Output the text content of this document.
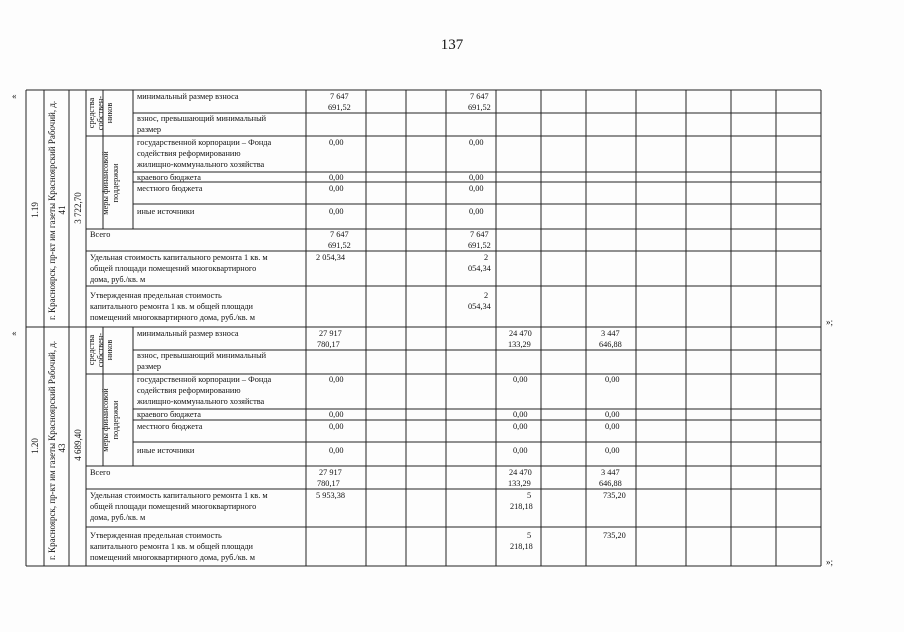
137
«
«
»;
»;
1.19 г. Красноярск, пр-кт им газеты Красноярский Рабочий, д. 41 3 722,70
средства собствен- ников
меры финансовой поддержки
минимальный размер взноса
взнос, превышающий минимальный
размер
государственной корпорации – Фонда
содействия реформированию
жилищно-коммунального хозяйства
краевого бюджета
местного бюджета
иные источники
Всего
Удельная стоимость капитального ремонта 1 кв. м
общей площади помещений многоквартирного
дома, руб./кв. м
Утвержденная предельная стоимость
капитального ремонта 1 кв. м общей площади
помещений многоквартирного дома, руб./кв. м
7 647
691,52
0,00
0,00
0,00
0,00
7 647
691,52
2 054,34
7 647
691,52
0,00
0,00
0,00
0,00
7 647
691,52
2
054,34
2
054,34
1.20 г. Красноярск, пр-кт им газеты Красноярский Рабочий, д. 43 4 689,40
средства собствен- ников
меры финансовой поддержки
минимальный размер взноса
взнос, превышающий минимальный
размер
государственной корпорации – Фонда
содействия реформированию
жилищно-коммунального хозяйства
краевого бюджета
местного бюджета
иные источники
Всего
Удельная стоимость капитального ремонта 1 кв. м
общей площади помещений многоквартирного
дома, руб./кв. м
Утвержденная предельная стоимость
капитального ремонта 1 кв. м общей площади
помещений многоквартирного дома, руб./кв. м
27 917
780,17
0,00
0,00
0,00
0,00
27 917
780,17
5 953,38
24 470
133,29
0,00
0,00
0,00
0,00
24 470
133,29
5
218,18
5
218,18
3 447
646,88
0,00
0,00
0,00
0,00
3 447
646,88
735,20
735,20
